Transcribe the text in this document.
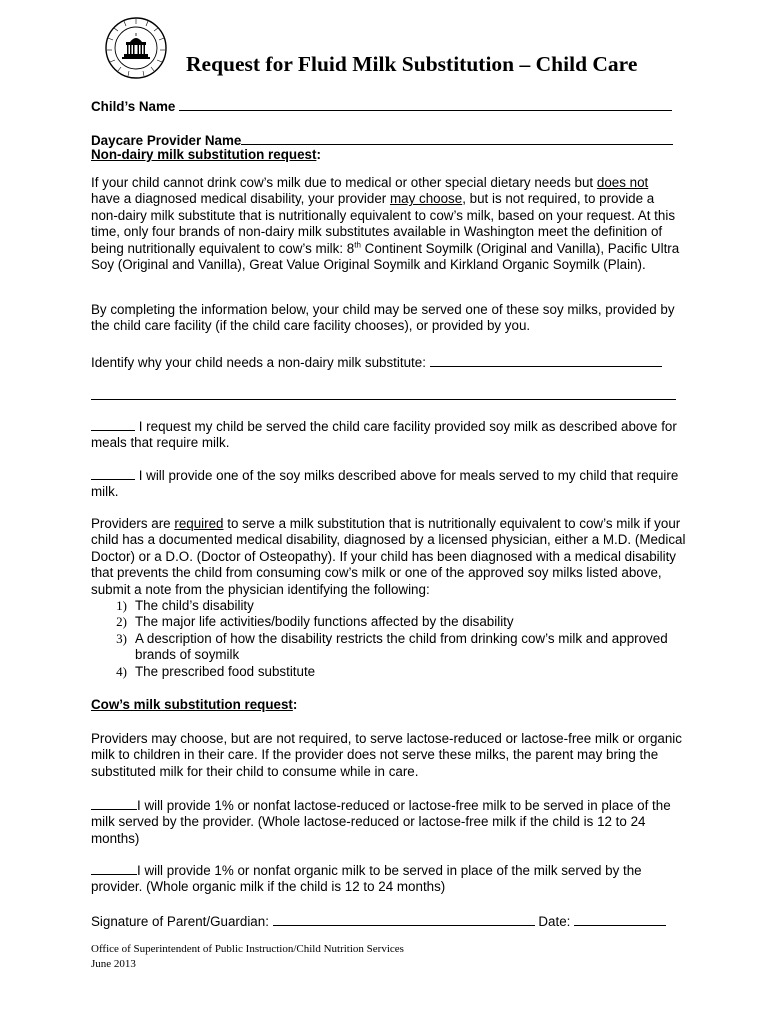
Request for Fluid Milk Substitution – Child Care
Child’s Name
Daycare Provider Name
Non-dairy milk substitution request:

If your child cannot drink cow’s milk due to medical or other special dietary needs but does not have a diagnosed medical disability, your provider may choose, but is not required, to provide a non-dairy milk substitute that is nutritionally equivalent to cow’s milk, based on your request. At this time, only four brands of non-dairy milk substitutes available in Washington meet the definition of being nutritionally equivalent to cow’s milk: 8th Continent Soymilk (Original and Vanilla), Pacific Ultra Soy (Original and Vanilla), Great Value Original Soymilk and Kirkland Organic Soymilk (Plain).

By completing the information below, your child may be served one of these soy milks, provided by the child care facility (if the child care facility chooses), or provided by you.

Identify why your child needs a non-dairy milk substitute:

I request my child be served the child care facility provided soy milk as described above for meals that require milk.

I will provide one of the soy milks described above for meals served to my child that require milk.

Providers are required to serve a milk substitution that is nutritionally equivalent to cow’s milk if your child has a documented medical disability, diagnosed by a licensed physician, either a M.D. (Medical Doctor) or a D.O. (Doctor of Osteopathy). If your child has been diagnosed with a medical disability that prevents the child from consuming cow’s milk or one of the approved soy milks listed above, submit a note from the physician identifying the following:

1) The child’s disability
2) The major life activities/bodily functions affected by the disability
3) A description of how the disability restricts the child from drinking cow’s milk and approved brands of soymilk
4) The prescribed food substitute
Cow’s milk substitution request:

Providers may choose, but are not required, to serve lactose-reduced or lactose-free milk or organic milk to children in their care. If the provider does not serve these milks, the parent may bring the substituted milk for their child to consume while in care.

I will provide 1% or nonfat lactose-reduced or lactose-free milk to be served in place of the milk served by the provider. (Whole lactose-reduced or lactose-free milk if the child is 12 to 24 months)

I will provide 1% or nonfat organic milk to be served in place of the milk served by the provider. (Whole organic milk if the child is 12 to 24 months)

Signature of Parent/Guardian:	Date:
Office of Superintendent of Public Instruction/Child Nutrition Services
June 2013
